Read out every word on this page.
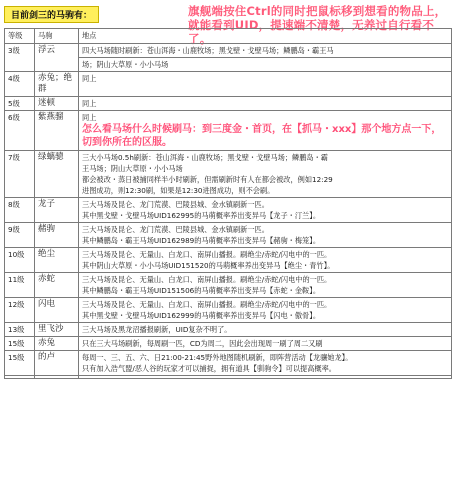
目前剑三的马驹有：	旗舰端按住Ctrl的同时把鼠标移到想看的物品上，就能看到UID，提速端不清楚，无养过自行看不了。
等级	马驹	地点
3级	浮云	四大马场随时刷新：苍山洱海・山鹿牧场；黑戈壁・戈壁马场；鳞鹏岛・霸王马

		场；阴山大草原・小小马场

4级	赤兔；绝群	同上
5级	迷顿	同上
6级	紫燕骝	同上
怎么看马场什么时候刷马：到三度金・首页，在【抓马・xxx】那个地方点一下，切到你所在的区服。

7级	绿螭骢	三大小马场0.5h刷新：苍山洱海・山鹿牧场；黑戈壁・戈壁马场；鳞鹏岛・霸
王马场；阴山大草原・小小马场
都会被改・蒸日被捕同样半小时刷新，但需刷新时有人在都会被改，例如12:29
进图成功，则12:30刷，如果是12:30进图成功，则不会刷。

8级	龙子	三大马场及昆仑、龙门荒漠、巴陵县城、金水镇刷新一匹。
其中黑戈壁・戈壁马场UID162995的马萌概率养出变异马【龙子・汀兰】。

9级	赭驹	三大马场及昆仑、龙门荒漠、巴陵县城、金水镇刷新一匹。
其中鳞鹏岛・霸王马场UID162989的马萌概率养出变异马【赭驹・梅笼】。

10级	绝尘	三大马场及昆仑、无量山、白龙口、南屏山播报。刷绝尘/赤蛇/闪电中的一匹。
其中阴山大草原・小小马场UID151520的马萌概率养出变异马【绝尘・青竹】。

11级	赤蛇	三大马场及昆仑、无量山、白龙口、南屏山播报。刷绝尘/赤蛇/闪电中的一匹。
其中鳞鹏岛・霸王马场UID151506的马萌概率养出变异马【赤蛇・金鞍】。

12级	闪电	三大马场及昆仑、无量山、白龙口、南屏山播报。刷绝尘/赤蛇/闪电中的一匹。
其中黑戈壁・戈壁马场UID162999的马萌概率养出变异马【闪电・傲骨】。

13级	里飞沙	三大马场及黑龙沼播报刷新，UID复杂不明了。

15级	赤兔	只在三大马场刷新，每周刷一匹，CD为周二，因此会出现周一刷了周二又刷
15级	的卢	每周一、三、五、六、日21:00-21:45野外地图随机刷新，即阵营活动【龙骧她龙】。
只有加入浩气盟/恶人谷的玩家才可以捕捉，拥有道具【驯驹令】可以提高概率。
